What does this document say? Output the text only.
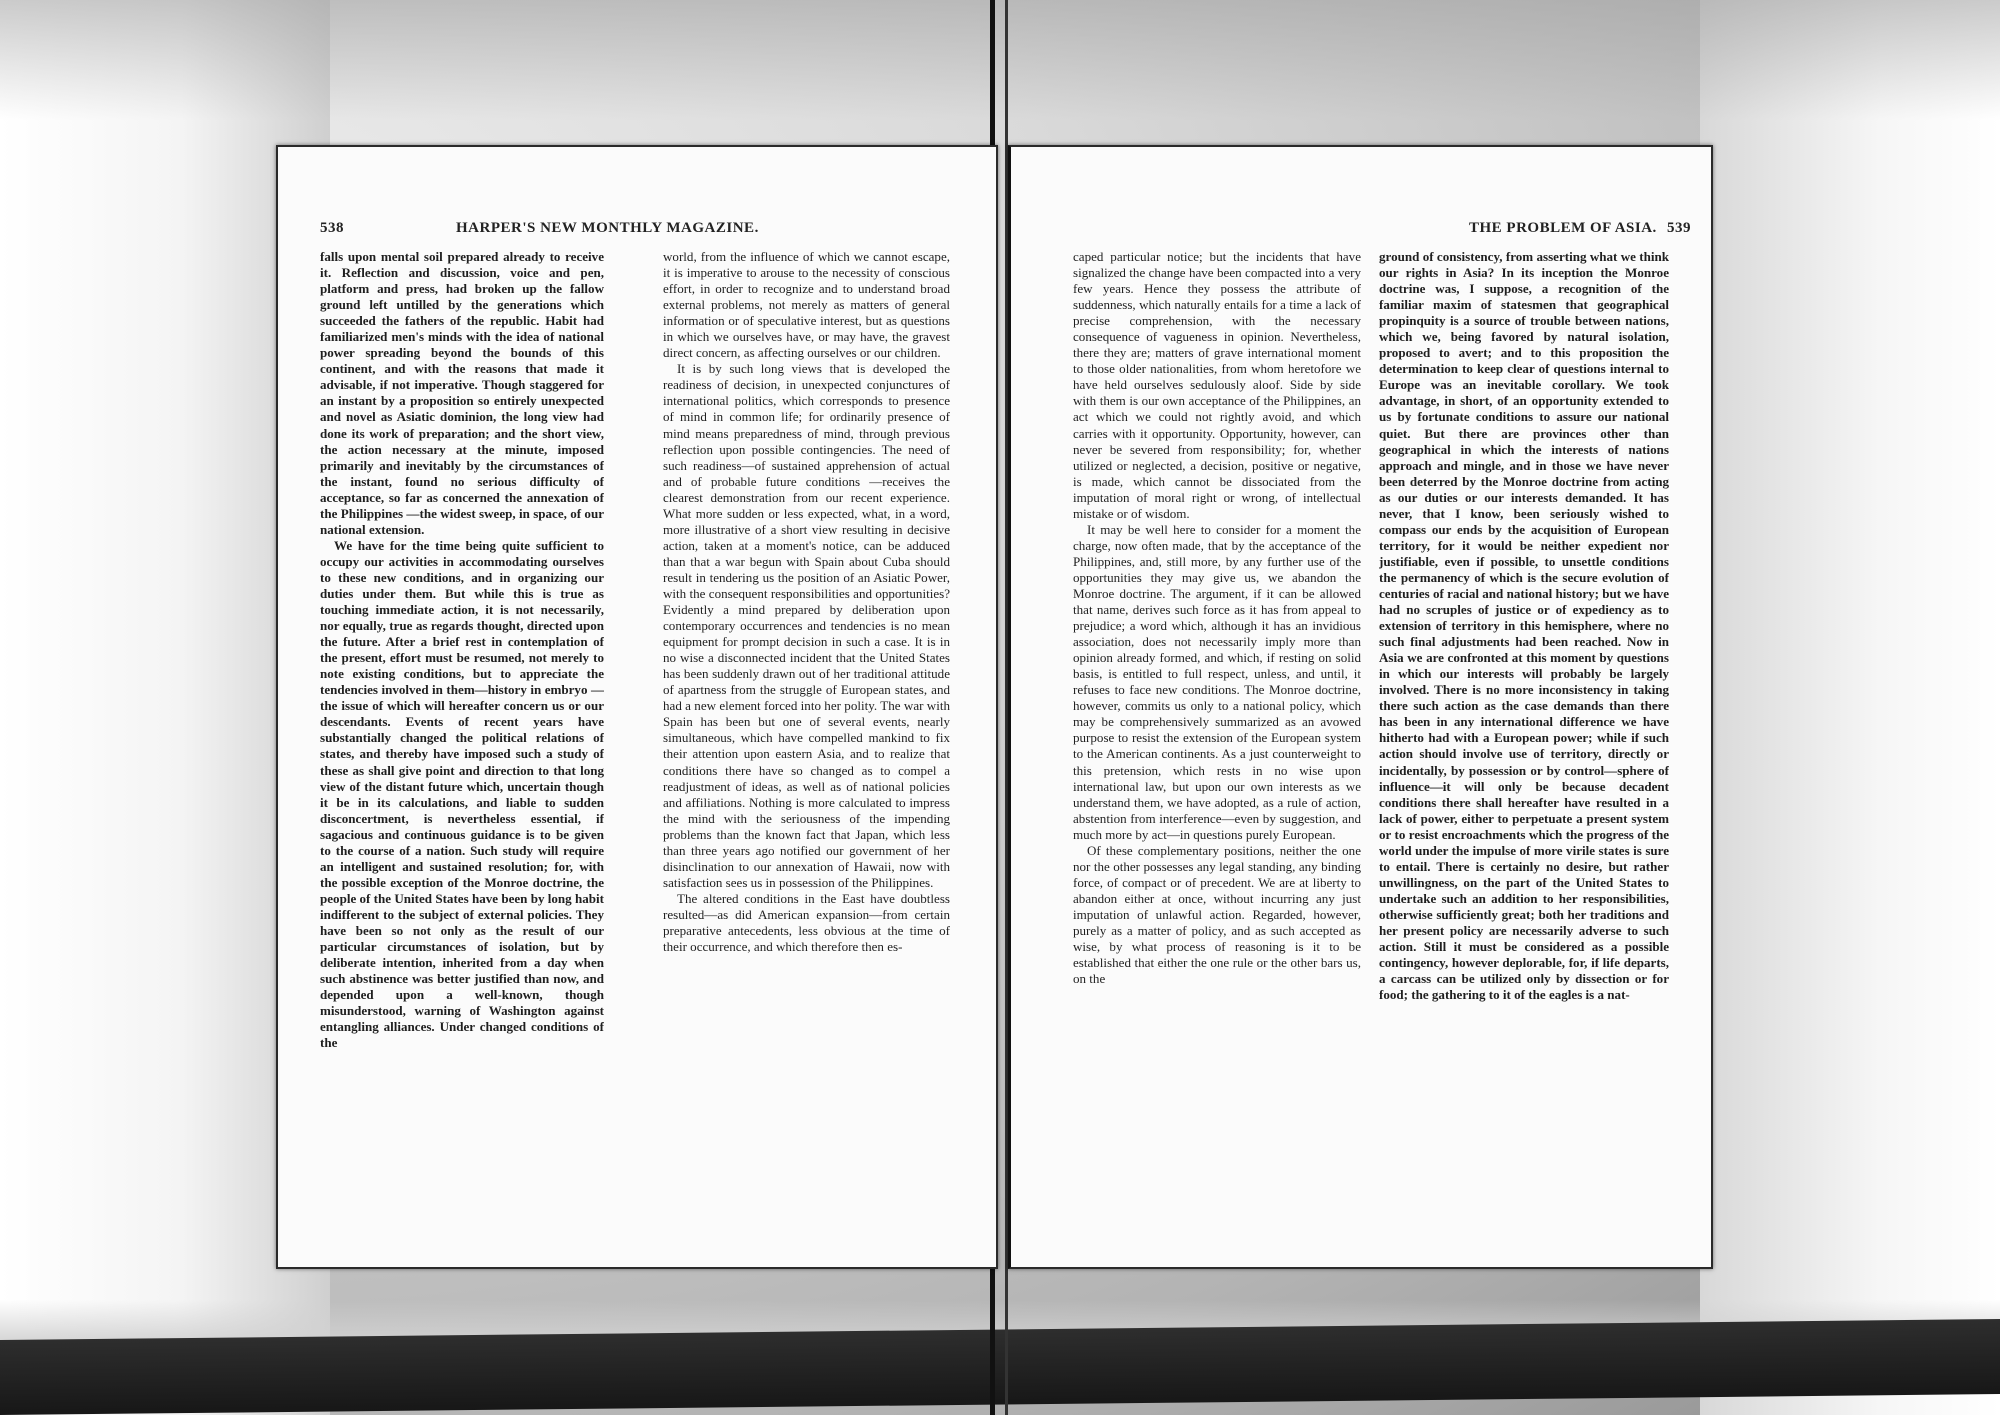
538	HARPER'S NEW MONTHLY MAGAZINE.

falls upon mental soil prepared already to receive it. Reflection and discussion, voice and pen, platform and press, had broken up the fallow ground left untilled by the generations which succeeded the fathers of the republic. Habit had familiarized men's minds with the idea of national power spreading beyond the bounds of this continent, and with the reasons that made it advisable, if not imperative. Though staggered for an instant by a proposition so entirely unexpected and novel as Asiatic dominion, the long view had done its work of preparation; and the short view, the action necessary at the minute, imposed primarily and inevitably by the circumstances of the instant, found no serious difficulty of acceptance, so far as concerned the annexation of the Philippines —the widest sweep, in space, of our national extension.

We have for the time being quite sufficient to occupy our activities in accommodating ourselves to these new conditions, and in organizing our duties under them. But while this is true as touching immediate action, it is not necessarily, nor equally, true as regards thought, directed upon the future. After a brief rest in contemplation of the present, effort must be resumed, not merely to note existing conditions, but to appreciate the tendencies involved in them—history in embryo —the issue of which will hereafter concern us or our descendants. Events of recent years have substantially changed the political relations of states, and thereby have imposed such a study of these as shall give point and direction to that long view of the distant future which, uncertain though it be in its calculations, and liable to sudden disconcertment, is nevertheless essential, if sagacious and continuous guidance is to be given to the course of a nation. Such study will require an intelligent and sustained resolution; for, with the possible exception of the Monroe doctrine, the people of the United States have been by long habit indifferent to the subject of external policies. They have been so not only as the result of our particular circumstances of isolation, but by deliberate intention, inherited from a day when such abstinence was better justified than now, and depended upon a well-known, though misunderstood, warning of Washington against entangling alliances. Under changed conditions of the

world, from the influence of which we cannot escape, it is imperative to arouse to the necessity of conscious effort, in order to recognize and to understand broad external problems, not merely as matters of general information or of speculative interest, but as questions in which we ourselves have, or may have, the gravest direct concern, as affecting ourselves or our children.

It is by such long views that is developed the readiness of decision, in unexpected conjunctures of international politics, which corresponds to presence of mind in common life; for ordinarily presence of mind means preparedness of mind, through previous reflection upon possible contingencies. The need of such readiness—of sustained apprehension of actual and of probable future conditions —receives the clearest demonstration from our recent experience. What more sudden or less expected, what, in a word, more illustrative of a short view resulting in decisive action, taken at a moment's notice, can be adduced than that a war begun with Spain about Cuba should result in tendering us the position of an Asiatic Power, with the consequent responsibilities and opportunities? Evidently a mind prepared by deliberation upon contemporary occurrences and tendencies is no mean equipment for prompt decision in such a case. It is in no wise a disconnected incident that the United States has been suddenly drawn out of her traditional attitude of apartness from the struggle of European states, and had a new element forced into her polity. The war with Spain has been but one of several events, nearly simultaneous, which have compelled mankind to fix their attention upon eastern Asia, and to realize that conditions there have so changed as to compel a readjustment of ideas, as well as of national policies and affiliations. Nothing is more calculated to impress the mind with the seriousness of the impending problems than the known fact that Japan, which less than three years ago notified our government of her disinclination to our annexation of Hawaii, now with satisfaction sees us in possession of the Philippines.

The altered conditions in the East have doubtless resulted—as did American expansion—from certain preparative antecedents, less obvious at the time of their occurrence, and which therefore then es-

THE PROBLEM OF ASIA. 539

caped particular notice; but the incidents that have signalized the change have been compacted into a very few years. Hence they possess the attribute of suddenness, which naturally entails for a time a lack of precise comprehension, with the necessary consequence of vagueness in opinion. Nevertheless, there they are; matters of grave international moment to those older nationalities, from whom heretofore we have held ourselves sedulously aloof. Side by side with them is our own acceptance of the Philippines, an act which we could not rightly avoid, and which carries with it opportunity. Opportunity, however, can never be severed from responsibility; for, whether utilized or neglected, a decision, positive or negative, is made, which cannot be dissociated from the imputation of moral right or wrong, of intellectual mistake or of wisdom.

It may be well here to consider for a moment the charge, now often made, that by the acceptance of the Philippines, and, still more, by any further use of the opportunities they may give us, we abandon the Monroe doctrine. The argument, if it can be allowed that name, derives such force as it has from appeal to prejudice; a word which, although it has an invidious association, does not necessarily imply more than opinion already formed, and which, if resting on solid basis, is entitled to full respect, unless, and until, it refuses to face new conditions. The Monroe doctrine, however, commits us only to a national policy, which may be comprehensively summarized as an avowed purpose to resist the extension of the European system to the American continents. As a just counterweight to this pretension, which rests in no wise upon international law, but upon our own interests as we understand them, we have adopted, as a rule of action, abstention from interference—even by suggestion, and much more by act—in questions purely European.

Of these complementary positions, neither the one nor the other possesses any legal standing, any binding force, of compact or of precedent. We are at liberty to abandon either at once, without incurring any just imputation of unlawful action. Regarded, however, purely as a matter of policy, and as such accepted as wise, by what process of reasoning is it to be established that either the one rule or the other bars us, on the

ground of consistency, from asserting what we think our rights in Asia? In its inception the Monroe doctrine was, I suppose, a recognition of the familiar maxim of statesmen that geographical propinquity is a source of trouble between nations, which we, being favored by natural isolation, proposed to avert; and to this proposition the determination to keep clear of questions internal to Europe was an inevitable corollary. We took advantage, in short, of an opportunity extended to us by fortunate conditions to assure our national quiet. But there are provinces other than geographical in which the interests of nations approach and mingle, and in those we have never been deterred by the Monroe doctrine from acting as our duties or our interests demanded. It has never, that I know, been seriously wished to compass our ends by the acquisition of European territory, for it would be neither expedient nor justifiable, even if possible, to unsettle conditions the permanency of which is the secure evolution of centuries of racial and national history; but we have had no scruples of justice or of expediency as to extension of territory in this hemisphere, where no such final adjustments had been reached. Now in Asia we are confronted at this moment by questions in which our interests will probably be largely involved. There is no more inconsistency in taking there such action as the case demands than there has been in any international difference we have hitherto had with a European power; while if such action should involve use of territory, directly or incidentally, by possession or by control—sphere of influence—it will only be because decadent conditions there shall hereafter have resulted in a lack of power, either to perpetuate a present system or to resist encroachments which the progress of the world under the impulse of more virile states is sure to entail. There is certainly no desire, but rather unwillingness, on the part of the United States to undertake such an addition to her responsibilities, otherwise sufficiently great; both her traditions and her present policy are necessarily adverse to such action. Still it must be considered as a possible contingency, however deplorable, for, if life departs, a carcass can be utilized only by dissection or for food; the gathering to it of the eagles is a nat-
